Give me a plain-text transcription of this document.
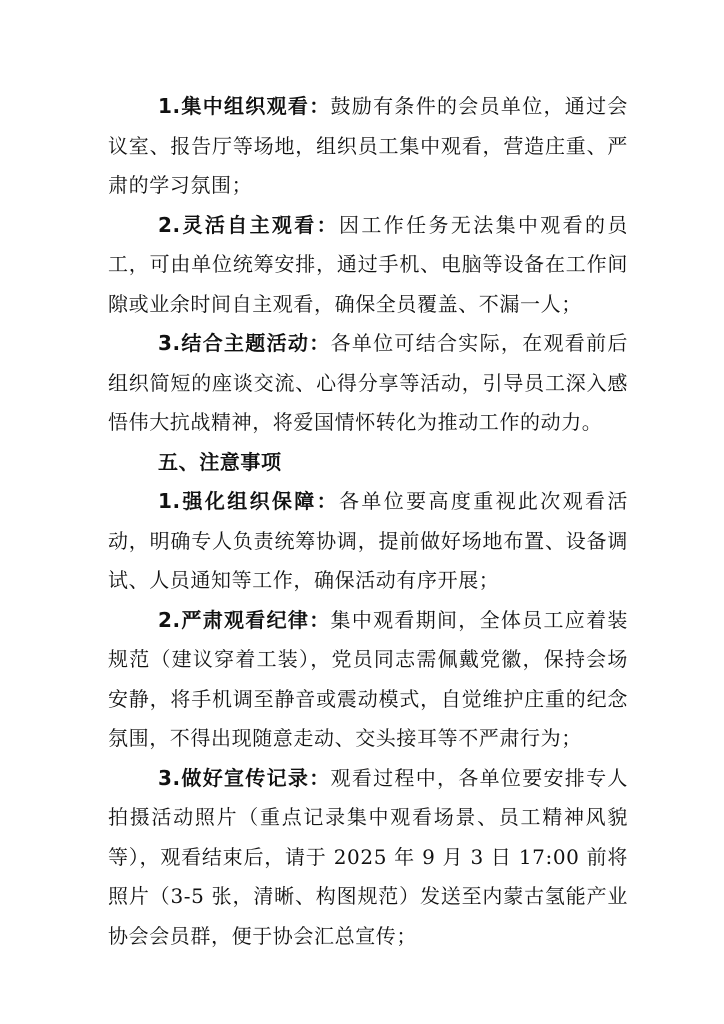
1.集中组织观看：鼓励有条件的会员单位，通过会议室、报告厅等场地，组织员工集中观看，营造庄重、严肃的学习氛围；

2.灵活自主观看：因工作任务无法集中观看的员工，可由单位统筹安排，通过手机、电脑等设备在工作间隙或业余时间自主观看，确保全员覆盖、不漏一人；

3.结合主题活动：各单位可结合实际，在观看前后组织简短的座谈交流、心得分享等活动，引导员工深入感悟伟大抗战精神，将爱国情怀转化为推动工作的动力。

五、注意事项

1.强化组织保障：各单位要高度重视此次观看活动，明确专人负责统筹协调，提前做好场地布置、设备调试、人员通知等工作，确保活动有序开展；

2.严肃观看纪律：集中观看期间，全体员工应着装规范（建议穿着工装），党员同志需佩戴党徽，保持会场安静，将手机调至静音或震动模式，自觉维护庄重的纪念氛围，不得出现随意走动、交头接耳等不严肃行为；

3.做好宣传记录：观看过程中，各单位要安排专人拍摄活动照片（重点记录集中观看场景、员工精神风貌等），观看结束后，请于 2025 年 9 月 3 日 17:00 前将照片（3-5 张，清晰、构图规范）发送至内蒙古氢能产业协会会员群，便于协会汇总宣传；
